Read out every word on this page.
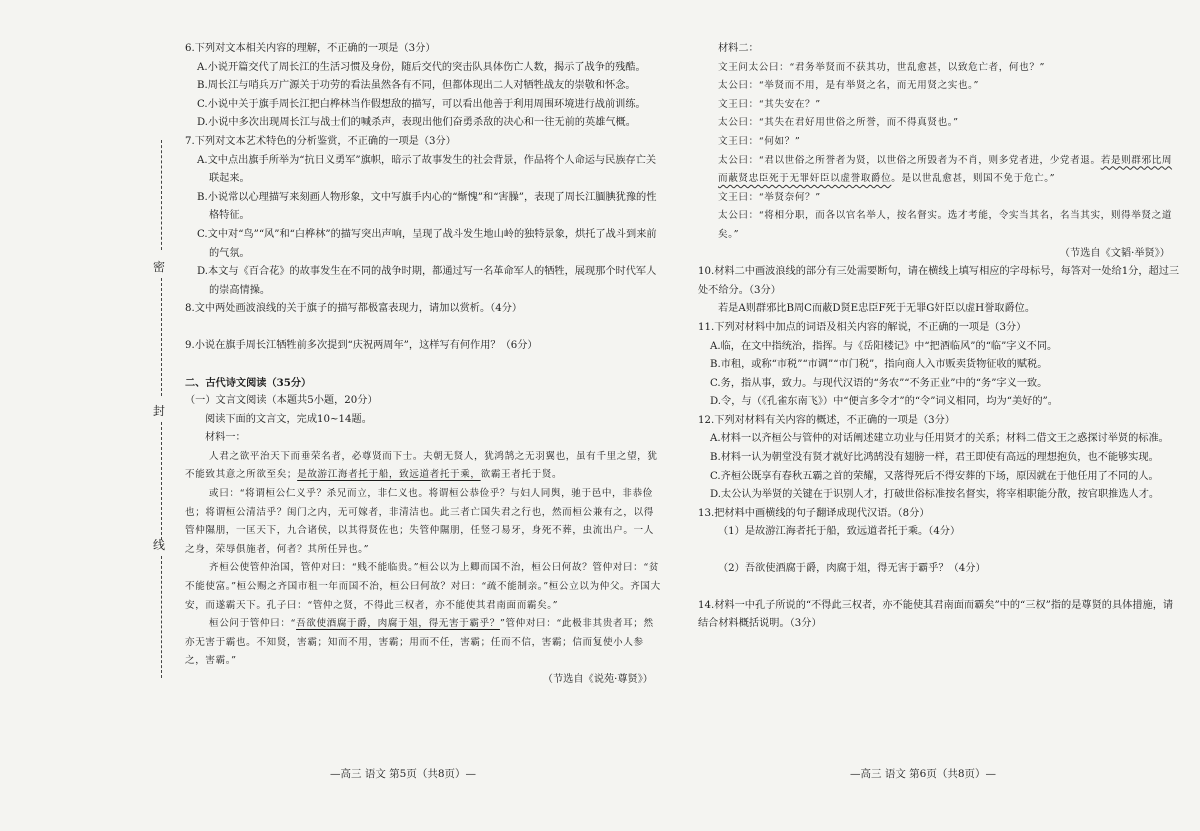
密
封
线

6.下列对文本相关内容的理解，不正确的一项是（3分）

A.小说开篇交代了周长江的生活习惯及身份，随后交代的突击队具体伤亡人数，揭示了战争的残酷。

B.周长江与哨兵万广源关于功劳的看法虽然各有不同，但都体现出二人对牺牲战友的崇敬和怀念。

C.小说中关于旗手周长江把白桦林当作假想敌的描写，可以看出他善于利用周围环境进行战前训练。

D.小说中多次出现周长江与战士们的喊杀声，表现出他们奋勇杀敌的决心和一往无前的英雄气概。

7.下列对文本艺术特色的分析鉴赏，不正确的一项是（3分）

A.文中点出旗手所举为“抗日义勇军”旗帜，暗示了故事发生的社会背景，作品将个人命运与民族存亡关联起来。

B.小说常以心理描写来刻画人物形象，文中写旗手内心的“惭愧”和“害臊”，表现了周长江腼腆犹豫的性格特征。

C.文中对“鸟”“风”和“白桦林”的描写突出声响，呈现了战斗发生地山岭的独特景象，烘托了战斗到来前的气氛。

D.本文与《百合花》的故事发生在不同的战争时期，都通过写一名革命军人的牺牲，展现那个时代军人的崇高情操。

8.文中两处画波浪线的关于旗子的描写都极富表现力，请加以赏析。（4分）

9.小说在旗手周长江牺牲前多次提到“庆祝两周年”，这样写有何作用？（6分）

二、古代诗文阅读（35分）

（一）文言文阅读（本题共5小题，20分）

阅读下面的文言文，完成10~14题。

材料一：

人君之欲平治天下而垂荣名者，必尊贤而下士。夫朝无贤人，犹鸿鹄之无羽翼也，虽有千里之望，犹不能致其意之所欲至矣；是故游江海者托于船，致远道者托于乘，欲霸王者托于贤。

或曰：“将谓桓公仁义乎？杀兄而立，非仁义也。将谓桓公恭俭乎？与妇人同舆，驰于邑中，非恭俭也；将谓桓公清洁乎？闺门之内，无可嫁者，非清洁也。此三者亡国失君之行也，然而桓公兼有之，以得管仲隰朋，一匡天下，九合诸侯，以其得贤佐也；失管仲隰朋，任竖刁易牙，身死不葬，虫流出户。一人之身，荣辱俱施者，何者？其所任异也。”

齐桓公使管仲治国，管仲对曰：“贱不能临贵。”桓公以为上卿而国不治，桓公曰何故？管仲对曰：“贫不能使富。”桓公赐之齐国市租一年而国不治，桓公曰何故？对曰：“疏不能制亲。”桓公立以为仲父。齐国大安，而遂霸天下。孔子曰：“管仲之贤，不得此三权者，亦不能使其君南面而霸矣。”

桓公问于管仲曰：“吾欲使酒腐于爵，肉腐于俎，得无害于霸乎？”管仲对曰：“此极非其贵者耳；然亦无害于霸也。不知贤，害霸；知而不用，害霸；用而不任，害霸；任而不信，害霸；信而复使小人参之，害霸。”

（节选自《说苑·尊贤》）

材料二：

文王问太公曰：“君务举贤而不获其功，世乱愈甚，以致危亡者，何也？”

太公曰：“举贤而不用，是有举贤之名，而无用贤之实也。”

文王曰：“其失安在？”

太公曰：“其失在君好用世俗之所誉，而不得真贤也。”

文王曰：“何如？”

太公曰：“君以世俗之所誉者为贤，以世俗之所毁者为不肖，则多党者进，少党者退。若是则群邪比周而蔽贤忠臣死于无罪奸臣以虚誉取爵位。是以世乱愈甚，则国不免于危亡。”

文王曰：“举贤奈何？”

太公曰：“将相分职，而各以官名举人，按名督实。选才考能，令实当其名，名当其实，则得举贤之道矣。”

（节选自《文韬·举贤》）

10.材料二中画波浪线的部分有三处需要断句，请在横线上填写相应的字母标号，每答对一处给1分，超过三处不给分。（3分）

若是A则群邪比B周C而蔽D贤E忠臣F死于无罪G奸臣以虚H誉取爵位。

11.下列对材料中加点的词语及相关内容的解说，不正确的一项是（3分）

A.临，在文中指统治，指挥。与《岳阳楼记》中“把酒临风”的“临”字义不同。

B.市租，或称“市税”“市调”“市门税”，指向商人入市贩卖货物征收的赋税。

C.务，指从事，致力。与现代汉语的“务农”“不务正业”中的“务”字义一致。

D.令，与（《孔雀东南飞》）中“便言多令才”的“令”词义相同，均为“美好的”。

12.下列对材料有关内容的概述，不正确的一项是（3分）

A.材料一以齐桓公与管仲的对话阐述建立功业与任用贤才的关系；材料二借文王之惑探讨举贤的标准。

B.材料一认为朝堂没有贤才就好比鸿鹄没有翅膀一样，君王即使有高远的理想抱负，也不能够实现。

C.齐桓公既享有春秋五霸之首的荣耀，又落得死后不得安葬的下场，原因就在于他任用了不同的人。

D.太公认为举贤的关键在于识别人才，打破世俗标准按名督实，将宰相职能分散，按官职推选人才。

13.把材料中画横线的句子翻译成现代汉语。（8分）

（1）是故游江海者托于船，致远道者托于乘。（4分）

（2）吾欲使酒腐于爵，肉腐于俎，得无害于霸乎？（4分）

14.材料一中孔子所说的“不得此三权者，亦不能使其君南面而霸矣”中的“三权”指的是尊贤的具体措施，请结合材料概括说明。（3分）

—高三 语文 第5页（共8页）—	—高三 语文 第6页（共8页）—
